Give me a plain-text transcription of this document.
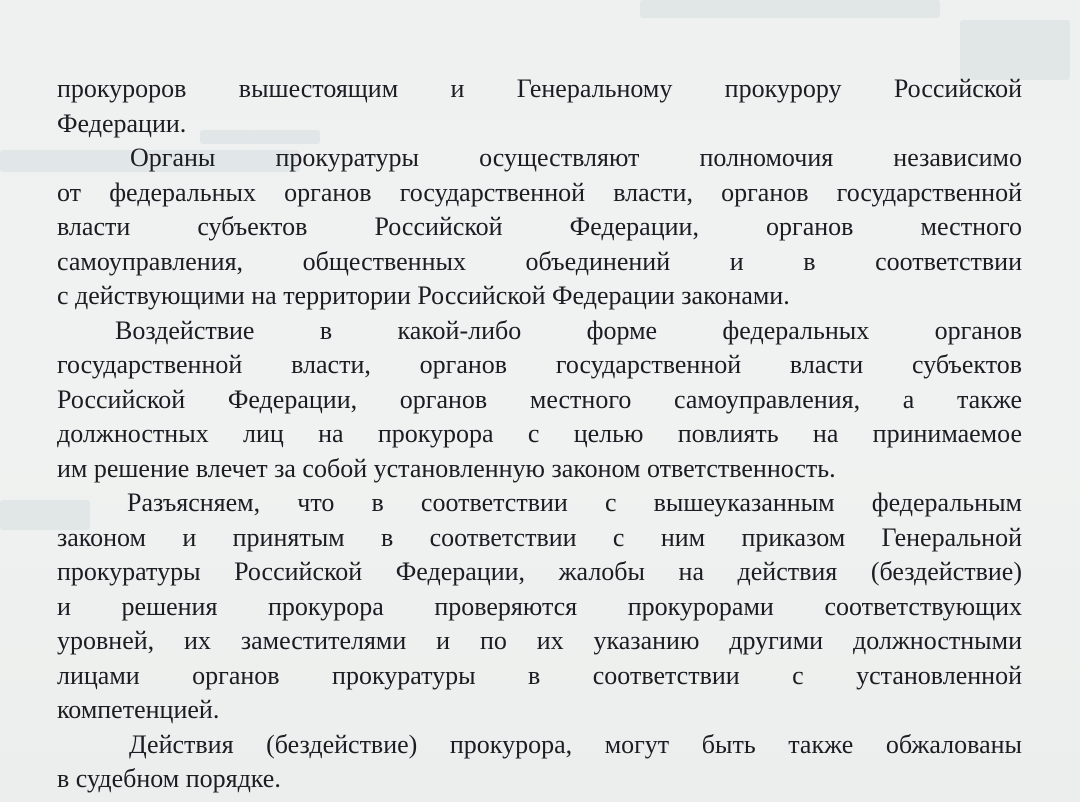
прокуроров вышестоящим и Генеральному прокурору Российской
Федерации.
Органы прокуратуры осуществляют полномочия независимо
от федеральных органов государственной власти, органов государственной
власти субъектов Российской Федерации, органов местного
самоуправления, общественных объединений и в соответствии
с действующими на территории Российской Федерации законами.
Воздействие в какой-либо форме федеральных органов
государственной власти, органов государственной власти субъектов
Российской Федерации, органов местного самоуправления, а также
должностных лиц на прокурора с целью повлиять на принимаемое
им решение влечет за собой установленную законом ответственность.
Разъясняем, что в соответствии с вышеуказанным федеральным
законом и принятым в соответствии с ним приказом Генеральной
прокуратуры Российской Федерации, жалобы на действия (бездействие)
и решения прокурора проверяются прокурорами соответствующих
уровней, их заместителями и по их указанию другими должностными
лицами органов прокуратуры в соответствии с установленной
компетенцией.
Действия (бездействие) прокурора, могут быть также обжалованы
в судебном порядке.
